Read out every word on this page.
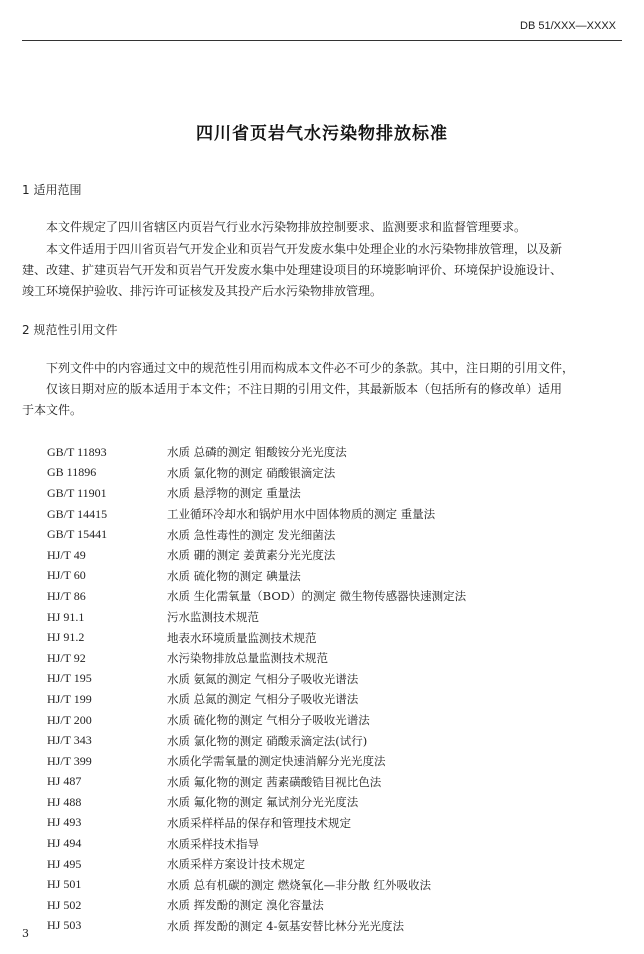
DB 51/XXX—XXXX
四川省页岩气水污染物排放标准
1 适用范围
本文件规定了四川省辖区内页岩气行业水污染物排放控制要求、监测要求和监督管理要求。
本文件适用于四川省页岩气开发企业和页岩气开发废水集中处理企业的水污染物排放管理，以及新
建、改建、扩建页岩气开发和页岩气开发废水集中处理建设项目的环境影响评价、环境保护设施设计、
竣工环境保护验收、排污许可证核发及其投产后水污染物排放管理。
2 规范性引用文件
下列文件中的内容通过文中的规范性引用而构成本文件必不可少的条款。其中，注日期的引用文件，
仅该日期对应的版本适用于本文件；不注日期的引用文件，其最新版本（包括所有的修改单）适用
于本文件。
GB/T 11893	水质 总磷的测定 钼酸铵分光光度法
GB 11896	水质 氯化物的测定 硝酸银滴定法
GB/T 11901	水质 悬浮物的测定 重量法
GB/T 14415	工业循环冷却水和锅炉用水中固体物质的测定 重量法
GB/T 15441	水质 急性毒性的测定 发光细菌法
HJ/T 49	水质 硼的测定 姜黄素分光光度法
HJ/T 60	水质 硫化物的测定 碘量法
HJ/T 86	水质 生化需氧量（BOD）的测定 微生物传感器快速测定法
HJ 91.1	污水监测技术规范
HJ 91.2	地表水环境质量监测技术规范
HJ/T 92	水污染物排放总量监测技术规范
HJ/T 195	水质 氨氮的测定 气相分子吸收光谱法
HJ/T 199	水质 总氮的测定 气相分子吸收光谱法
HJ/T 200	水质 硫化物的测定 气相分子吸收光谱法
HJ/T 343	水质 氯化物的测定 硝酸汞滴定法(试行)
HJ/T 399	水质化学需氧量的测定快速消解分光光度法
HJ 487	水质 氟化物的测定 茜素磺酸锆目视比色法
HJ 488	水质 氟化物的测定 氟试剂分光光度法
HJ 493	水质采样样品的保存和管理技术规定
HJ 494	水质采样技术指导
HJ 495	水质采样方案设计技术规定
HJ 501	水质 总有机碳的测定 燃烧氧化—非分散 红外吸收法
HJ 502	水质 挥发酚的测定 溴化容量法
HJ 503	水质 挥发酚的测定 4-氨基安替比林分光光度法
3
